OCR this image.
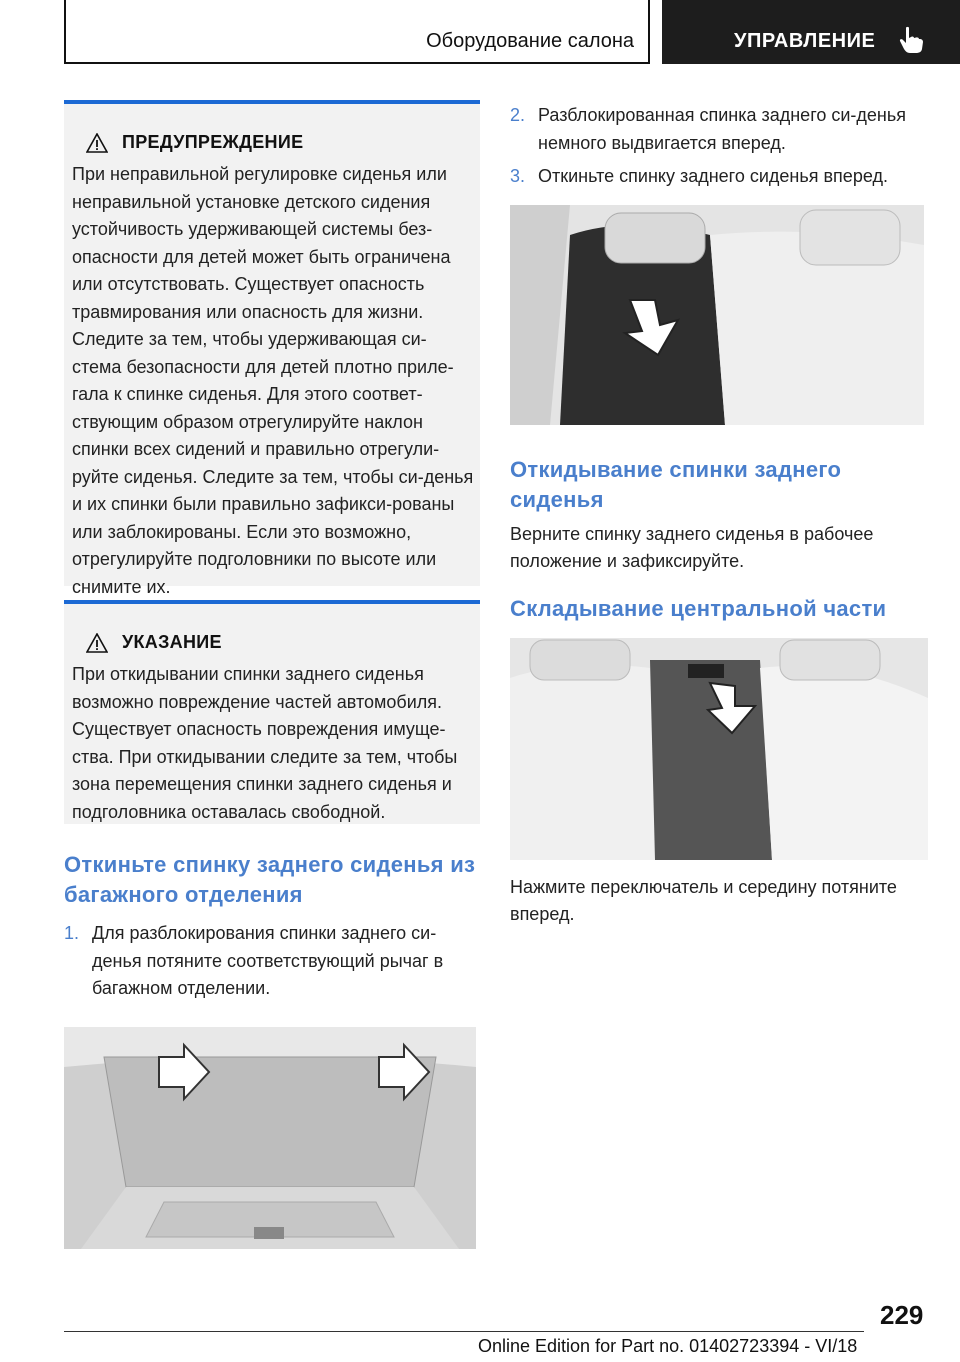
Оборудование салона	УПРАВЛЕНИЕ
ПРЕДУПРЕЖДЕНИЕ
При неправильной регулировке сиденья или неправильной установке детского сидения устойчивость удерживающей системы без-опасности для детей может быть ограничена или отсутствовать. Существует опасность травмирования или опасность для жизни. Следите за тем, чтобы удерживающая си-стема безопасности для детей плотно приле-гала к спинке сиденья. Для этого соответ-ствующим образом отрегулируйте наклон спинки всех сидений и правильно отрегули-руйте сиденья. Следите за тем, чтобы си-денья и их спинки были правильно зафикси-рованы или заблокированы. Если это возможно, отрегулируйте подголовники по высоте или снимите их.
УКАЗАНИЕ
При откидывании спинки заднего сиденья возможно повреждение частей автомобиля. Существует опасность повреждения имуще-ства. При откидывании следите за тем, чтобы зона перемещения спинки заднего сиденья и подголовника оставалась свободной.
Откиньте спинку заднего сиденья из багажного отделения
1. Для разблокирования спинки заднего си-денья потяните соответствующий рычаг в багажном отделении.
2. Разблокированная спинка заднего си-денья немного выдвигается вперед.
3. Откиньте спинку заднего сиденья вперед.
Откидывание спинки заднего сиденья
Верните спинку заднего сиденья в рабочее положение и зафиксируйте.
Складывание центральной части
Нажмите переключатель и середину потяните вперед.
229
Online Edition for Part no. 01402723394 - VI/18
